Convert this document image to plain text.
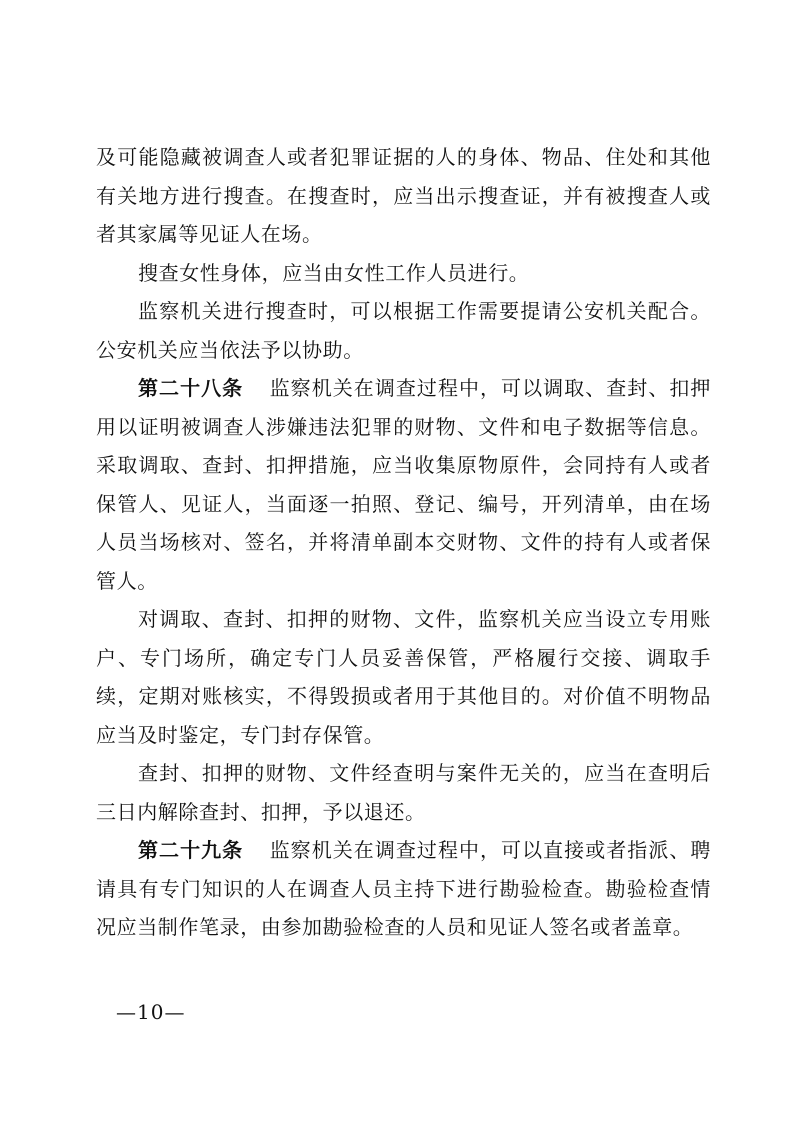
及可能隐藏被调查人或者犯罪证据的人的身体、物品、住处和其他有关地方进行搜查。在搜查时，应当出示搜查证，并有被搜查人或者其家属等见证人在场。

搜查女性身体，应当由女性工作人员进行。

监察机关进行搜查时，可以根据工作需要提请公安机关配合。公安机关应当依法予以协助。

第二十八条 监察机关在调查过程中，可以调取、查封、扣押用以证明被调查人涉嫌违法犯罪的财物、文件和电子数据等信息。采取调取、查封、扣押措施，应当收集原物原件，会同持有人或者保管人、见证人，当面逐一拍照、登记、编号，开列清单，由在场人员当场核对、签名，并将清单副本交财物、文件的持有人或者保管人。

对调取、查封、扣押的财物、文件，监察机关应当设立专用账户、专门场所，确定专门人员妥善保管，严格履行交接、调取手续，定期对账核实，不得毁损或者用于其他目的。对价值不明物品应当及时鉴定，专门封存保管。

查封、扣押的财物、文件经查明与案件无关的，应当在查明后三日内解除查封、扣押，予以退还。

第二十九条 监察机关在调查过程中，可以直接或者指派、聘请具有专门知识的人在调查人员主持下进行勘验检查。勘验检查情况应当制作笔录，由参加勘验检查的人员和见证人签名或者盖章。

—10—
